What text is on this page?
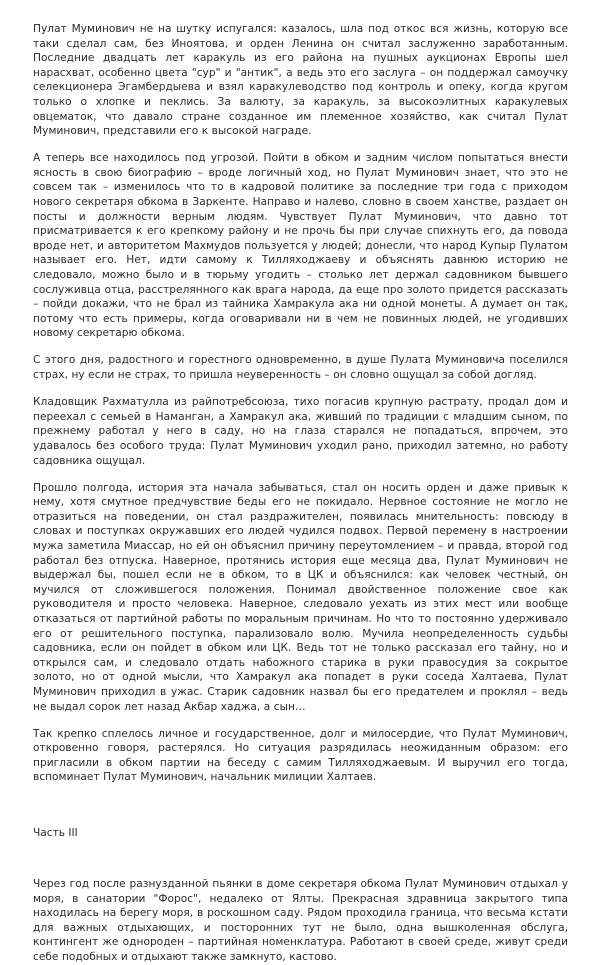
Пулат Муминович не на шутку испугался: казалось, шла под откос вся жизнь, которую все таки сделал сам, без Иноятова, и орден Ленина он считал заслуженно заработанным. Последние двадцать лет каракуль из его района на пушных аукционах Европы шел нарасхват, особенно цвета "сур" и "антик", а ведь это его заслуга – он поддержал самоучку селекционера Эгамбердыева и взял каракулеводство под контроль и опеку, когда кругом только о хлопке и пеклись. За валюту, за каракуль, за высокоэлитных каракулевых овцематок, что давало стране созданное им племенное хозяйство, как считал Пулат Муминович, представили его к высокой награде.

А теперь все находилось под угрозой. Пойти в обком и задним числом попытаться внести ясность в свою биографию – вроде логичный ход, но Пулат Муминович знает, что это не совсем так – изменилось что то в кадровой политике за последние три года с приходом нового секретаря обкома в Заркенте. Направо и налево, словно в своем ханстве, раздает он посты и должности верным людям. Чувствует Пулат Муминович, что давно тот присматривается к его крепкому району и не прочь бы при случае спихнуть его, да повода вроде нет, и авторитетом Махмудов пользуется у людей; донесли, что народ Купыр Пулатом называет его. Нет, идти самому к Тилляходжаеву и объяснять давнюю историю не следовало, можно было и в тюрьму угодить – столько лет держал садовником бывшего сослуживца отца, расстрелянного как врага народа, да еще про золото придется рассказать – пойди докажи, что не брал из тайника Хамракула ака ни одной монеты. А думает он так, потому что есть примеры, когда оговаривали ни в чем не повинных людей, не угодивших новому секретарю обкома.

С этого дня, радостного и горестного одновременно, в душе Пулата Муминовича поселился страх, ну если не страх, то пришла неуверенность – он словно ощущал за собой догляд.

Кладовщик Рахматулла из райпотребсоюза, тихо погасив крупную растрату, продал дом и переехал с семьей в Наманган, а Хамракул ака, живший по традиции с младшим сыном, по прежнему работал у него в саду, но на глаза старался не попадаться, впрочем, это удавалось без особого труда: Пулат Муминович уходил рано, приходил затемно, но работу садовника ощущал.

Прошло полгода, история эта начала забываться, стал он носить орден и даже привык к нему, хотя смутное предчувствие беды его не покидало. Нервное состояние не могло не отразиться на поведении, он стал раздражителен, появилась мнительность: повсюду в словах и поступках окружавших его людей чудился подвох. Первой перемену в настроении мужа заметила Миассар, но ей он объяснил причину переутомлением – и правда, второй год работал без отпуска. Наверное, протянись история еще месяца два, Пулат Муминович не выдержал бы, пошел если не в обком, то в ЦК и объяснился: как человек честный, он мучился от сложившегося положения. Понимал двойственное положение свое как руководителя и просто человека. Наверное, следовало уехать из этих мест или вообще отказаться от партийной работы по моральным причинам. Но что то постоянно удерживало его от решительного поступка, парализовало волю. Мучила неопределенность судьбы садовника, если он пойдет в обком или ЦК. Ведь тот не только рассказал его тайну, но и открылся сам, и следовало отдать набожного старика в руки правосудия за сокрытое золото, но от одной мысли, что Хамракул ака попадет в руки соседа Халтаева, Пулат Муминович приходил в ужас. Старик садовник назвал бы его предателем и проклял – ведь не выдал сорок лет назад Акбар хаджа, а сын…

Так крепко сплелось личное и государственное, долг и милосердие, что Пулат Муминович, откровенно говоря, растерялся. Но ситуация разрядилась неожиданным образом: его пригласили в обком партии на беседу с самим Тилляходжаевым. И выручил его тогда, вспоминает Пулат Муминович, начальник милиции Халтаев.

Часть III

Через год после разнузданной пьянки в доме секретаря обкома Пулат Муминович отдыхал у моря, в санатории "Форос", недалеко от Ялты. Прекрасная здравница закрытого типа находилась на берегу моря, в роскошном саду. Рядом проходила граница, что весьма кстати для важных отдыхающих, и посторонних тут не было, одна вышколенная обслуга, контингент же однороден – партийная номенклатура. Работают в своей среде, живут среди себе подобных и отдыхают также замкнуто, кастово.
